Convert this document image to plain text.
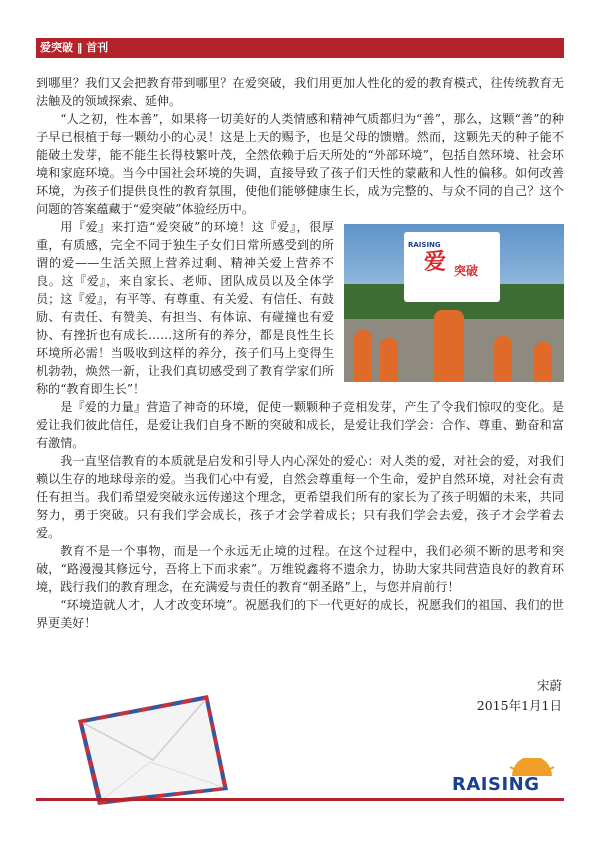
爱突破 ‖ 首刊

到哪里？我们又会把教育带到哪里？在爱突破，我们用更加人性化的爱的教育模式，往传统教育无法触及的领域探索、延伸。

“人之初，性本善”，如果将一切美好的人类情感和精神气质都归为“善”，那么，这颗“善”的种子早已根植于每一颗幼小的心灵！这是上天的赐予，也是父母的馈赠。然而，这颗先天的种子能不能破土发芽，能不能生长得枝繁叶茂，全然依赖于后天所处的“外部环境”，包括自然环境、社会环境和家庭环境。当今中国社会环境的失调，直接导致了孩子们天性的蒙蔽和人性的偏移。如何改善环境，为孩子们提供良性的教育氛围，使他们能够健康生长，成为完整的、与众不同的自己？这个问题的答案蕴藏于“爱突破”体验经历中。

RAISING
爱 突破

用『爱』来打造“爱突破”的环境！这『爱』，很厚重，有质感，完全不同于独生子女们日常所感受到的所谓的爱——生活关照上营养过剩、精神关爱上营养不良。这『爱』，来自家长、老师、团队成员以及全体学员；这『爱』，有平等、有尊重、有关爱、有信任、有鼓励、有责任、有赞美、有担当、有体谅、有碰撞也有爱协、有挫折也有成长……这所有的养分，都是良性生长环境所必需！当吸收到这样的养分，孩子们马上变得生机勃勃，焕然一新，让我们真切感受到了教育学家们所称的“教育即生长”！

是『爱的力量』营造了神奇的环境，促使一颗颗种子竞相发芽，产生了令我们惊叹的变化。是爱让我们彼此信任，是爱让我们自身不断的突破和成长，是爱让我们学会：合作、尊重、勤奋和富有激情。

我一直坚信教育的本质就是启发和引导人内心深处的爱心：对人类的爱，对社会的爱，对我们赖以生存的地球母亲的爱。当我们心中有爱，自然会尊重每一个生命，爱护自然环境，对社会有责任有担当。我们希望爱突破永远传递这个理念，更希望我们所有的家长为了孩子明媚的未来，共同努力，勇于突破。只有我们学会成长，孩子才会学着成长；只有我们学会去爱，孩子才会学着去爱。

教育不是一个事物，而是一个永远无止境的过程。在这个过程中，我们必须不断的思考和突破，“路漫漫其修远兮，吾将上下而求索”。万维锐鑫将不遗余力，协助大家共同营造良好的教育环境，践行我们的教育理念，在充满爱与责任的教育“朝圣路”上，与您并肩前行！

“环境造就人才，人才改变环境”。祝愿我们的下一代更好的成长，祝愿我们的祖国、我们的世界更美好！

宋蔚
2015年1月1日
RAISING
